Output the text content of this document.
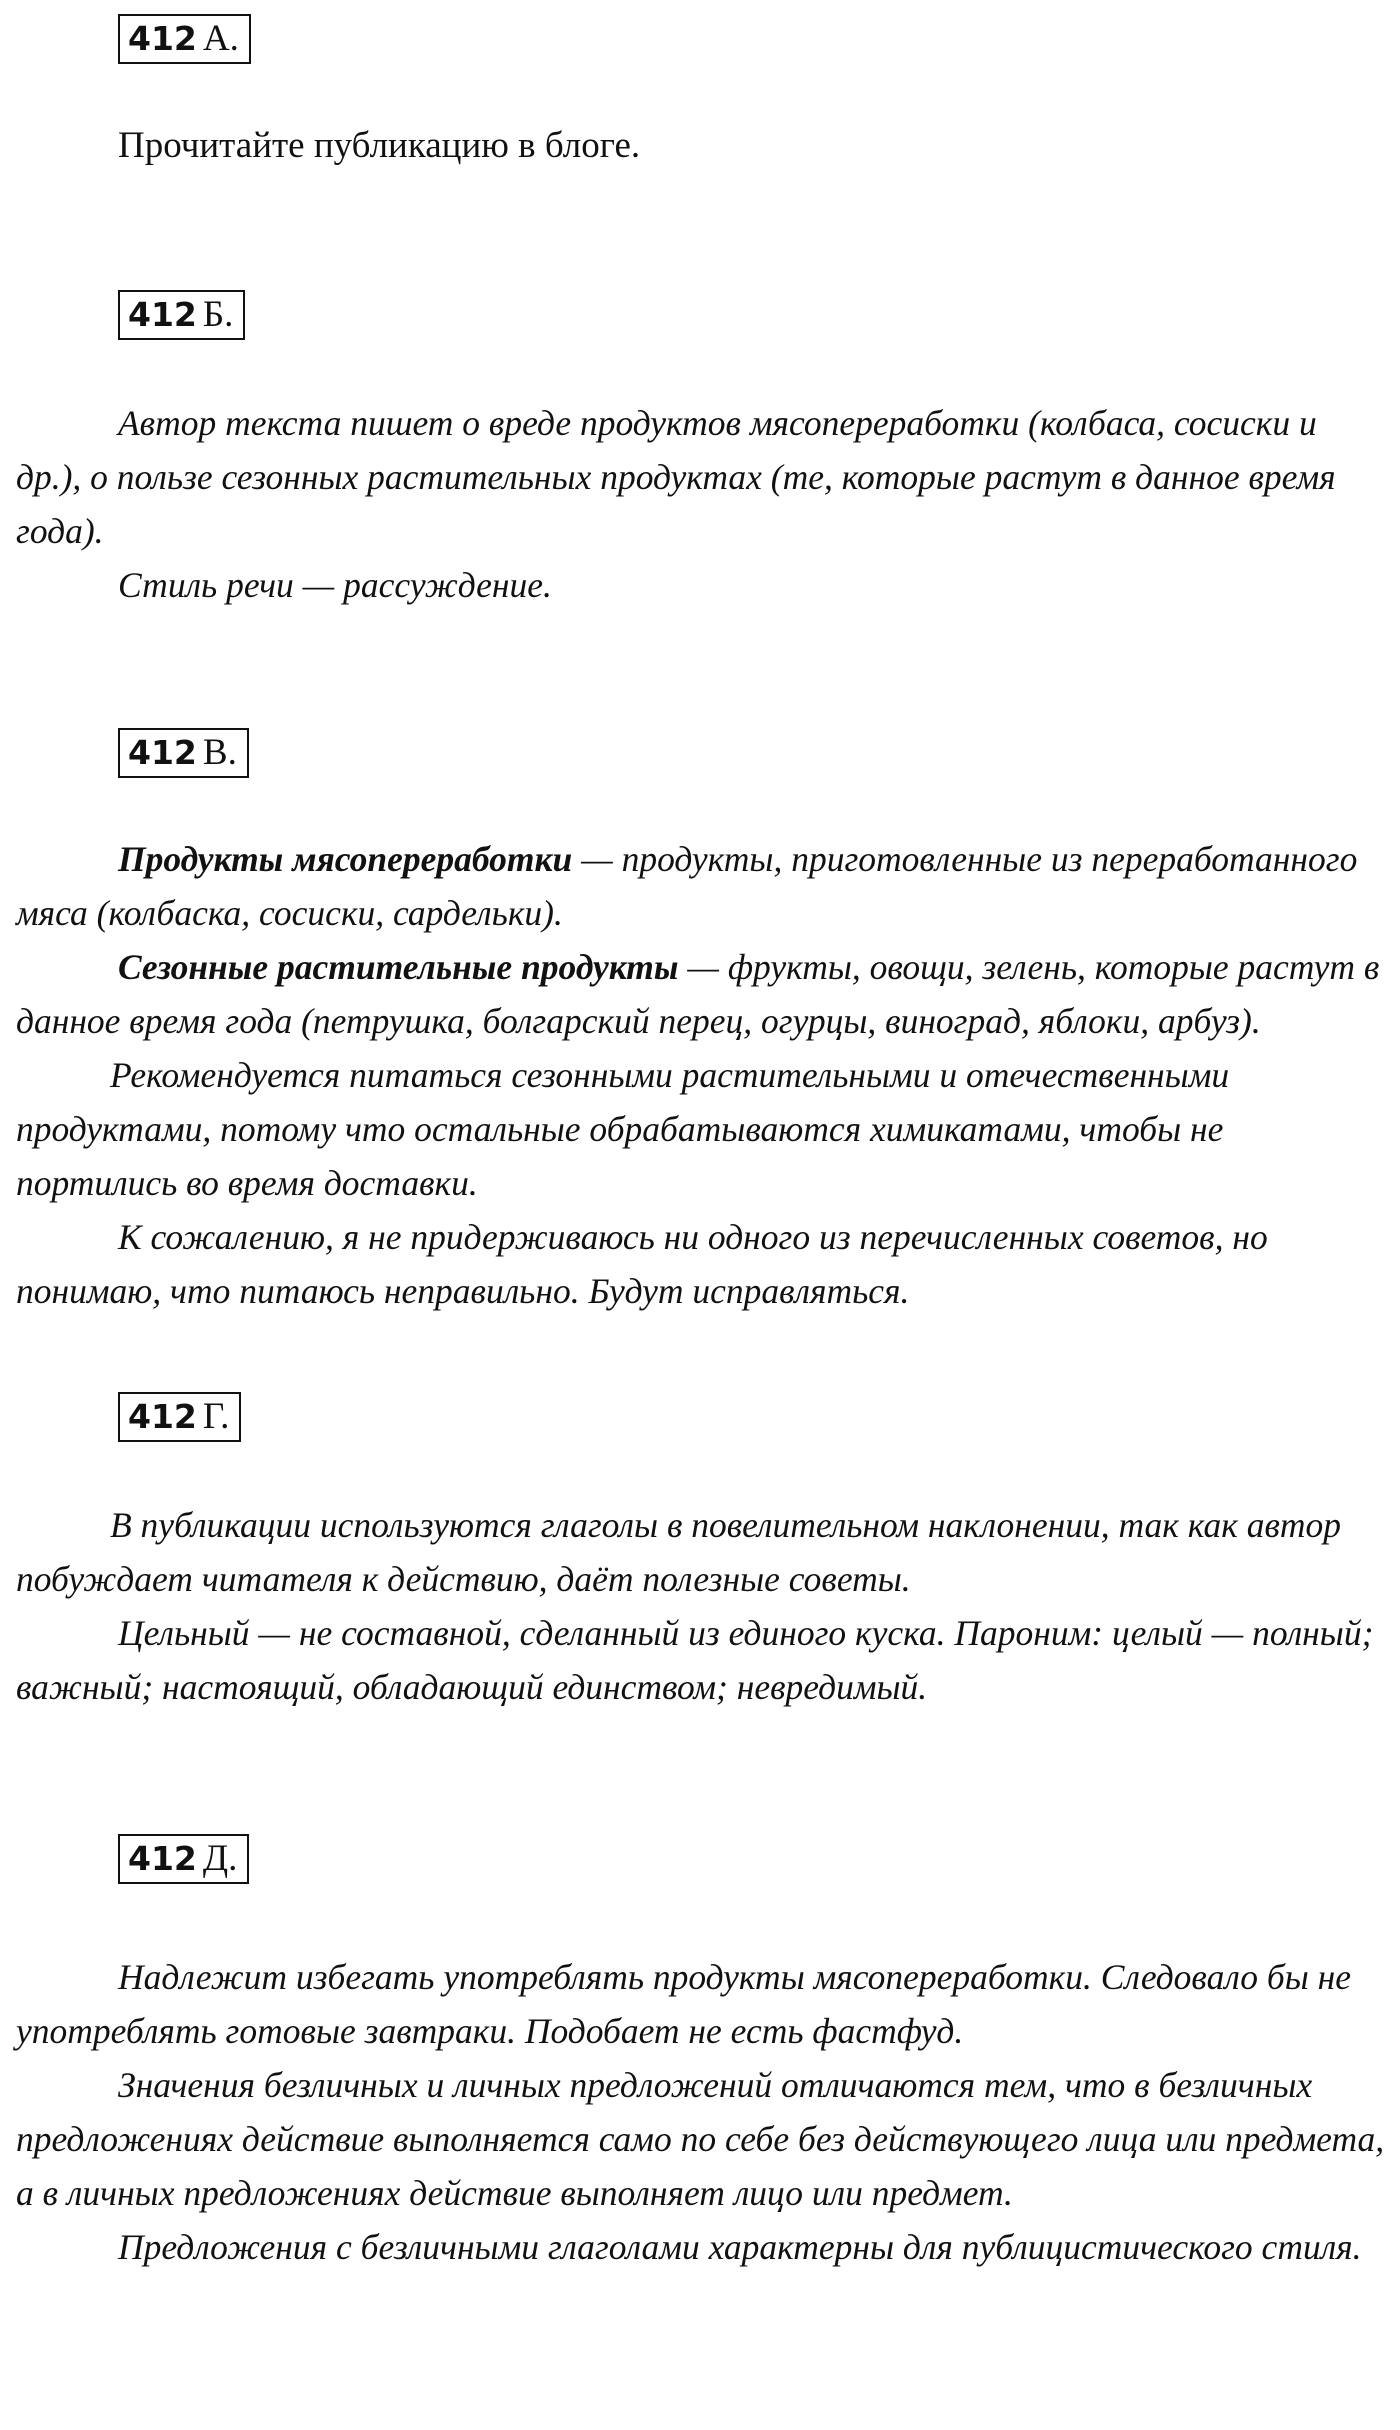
412 А.
Прочитайте публикацию в блоге.
412 Б.

Автор текста пишет о вреде продуктов мясопереработки (колбаса, сосиски и др.), о пользе сезонных растительных продуктах (те, которые растут в данное время года).

Стиль речи — рассуждение.

412 В.

Продукты мясопереработки — продукты, приготовленные из переработанного мяса (колбаска, сосиски, сардельки).

Сезонные растительные продукты — фрукты, овощи, зелень, которые растут в данное время года (петрушка, болгарский перец, огурцы, виноград, яблоки, арбуз).

Рекомендуется питаться сезонными растительными и отечественными продуктами, потому что остальные обрабатываются химикатами, чтобы не портились во время доставки.

К сожалению, я не придерживаюсь ни одного из перечисленных советов, но понимаю, что питаюсь неправильно. Будут исправляться.

412 Г.

В публикации используются глаголы в повелительном наклонении, так как автор побуждает читателя к действию, даёт полезные советы.

Цельный — не составной, сделанный из единого куска. Пароним: целый — полный; важный; настоящий, обладающий единством; невредимый.

412 Д.

Надлежит избегать употреблять продукты мясопереработки. Следовало бы не употреблять готовые завтраки. Подобает не есть фастфуд.

Значения безличных и личных предложений отличаются тем, что в безличных предложениях действие выполняется само по себе без действующего лица или предмета, а в личных предложениях действие выполняет лицо или предмет.

Предложения с безличными глаголами характерны для публицистического стиля.
